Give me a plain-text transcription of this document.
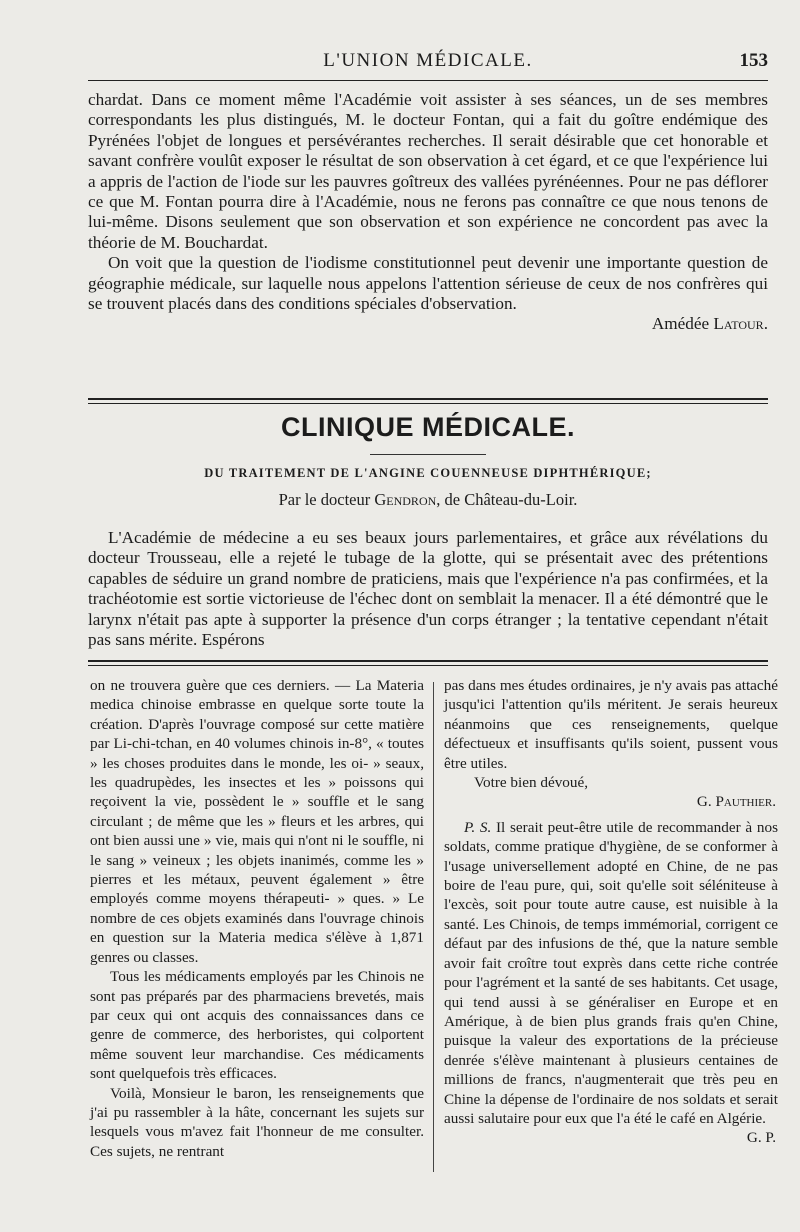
L'UNION MÉDICALE.	153

chardat. Dans ce moment même l'Académie voit assister à ses séances, un de ses membres correspondants les plus distingués, M. le docteur Fontan, qui a fait du goître endémique des Pyrénées l'objet de longues et persévérantes recherches. Il serait désirable que cet honorable et savant confrère voulût exposer le résultat de son observation à cet égard, et ce que l'expérience lui a appris de l'action de l'iode sur les pauvres goîtreux des vallées pyrénéennes. Pour ne pas déflorer ce que M. Fontan pourra dire à l'Académie, nous ne ferons pas connaître ce que nous tenons de lui-même. Disons seulement que son observation et son expérience ne concordent pas avec la théorie de M. Bouchardat.

On voit que la question de l'iodisme constitutionnel peut devenir une importante question de géographie médicale, sur laquelle nous appelons l'attention sérieuse de ceux de nos confrères qui se trouvent placés dans des conditions spéciales d'observation.

Amédée Latour.

CLINIQUE MÉDICALE.
DU TRAITEMENT DE L'ANGINE COUENNEUSE DIPHTHÉRIQUE;
Par le docteur Gendron, de Château-du-Loir.

L'Académie de médecine a eu ses beaux jours parlementaires, et grâce aux révélations du docteur Trousseau, elle a rejeté le tubage de la glotte, qui se présentait avec des prétentions capables de séduire un grand nombre de praticiens, mais que l'expérience n'a pas confirmées, et la trachéotomie est sortie victorieuse de l'échec dont on semblait la menacer. Il a été démontré que le larynx n'était pas apte à supporter la présence d'un corps étranger ; la tentative cependant n'était pas sans mérite. Espérons

on ne trouvera guère que ces derniers. — La Materia medica chinoise embrasse en quelque sorte toute la création. D'après l'ouvrage composé sur cette matière par Li-chi-tchan, en 40 volumes chinois in-8°, « toutes » les choses produites dans le monde, les oi- » seaux, les quadrupèdes, les insectes et les » poissons qui reçoivent la vie, possèdent le » souffle et le sang circulant ; de même que les » fleurs et les arbres, qui ont bien aussi une » vie, mais qui n'ont ni le souffle, ni le sang » veineux ; les objets inanimés, comme les » pierres et les métaux, peuvent également » être employés comme moyens thérapeuti- » ques. » Le nombre de ces objets examinés dans l'ouvrage chinois en question sur la Materia medica s'élève à 1,871 genres ou classes.

Tous les médicaments employés par les Chinois ne sont pas préparés par des pharmaciens brevetés, mais par ceux qui ont acquis des connaissances dans ce genre de commerce, des herboristes, qui colportent même souvent leur marchandise. Ces médicaments sont quelquefois très efficaces.

Voilà, Monsieur le baron, les renseignements que j'ai pu rassembler à la hâte, concernant les sujets sur lesquels vous m'avez fait l'honneur de me consulter. Ces sujets, ne rentrant

pas dans mes études ordinaires, je n'y avais pas attaché jusqu'ici l'attention qu'ils méritent. Je serais heureux néanmoins que ces renseignements, quelque défectueux et insuffisants qu'ils soient, pussent vous être utiles.

Votre bien dévoué,

G. Pauthier.

P. S. Il serait peut-être utile de recommander à nos soldats, comme pratique d'hygiène, de se conformer à l'usage universellement adopté en Chine, de ne pas boire de l'eau pure, qui, soit qu'elle soit séléniteuse à l'excès, soit pour toute autre cause, est nuisible à la santé. Les Chinois, de temps immémorial, corrigent ce défaut par des infusions de thé, que la nature semble avoir fait croître tout exprès dans cette riche contrée pour l'agrément et la santé de ses habitants. Cet usage, qui tend aussi à se généraliser en Europe et en Amérique, à de bien plus grands frais qu'en Chine, puisque la valeur des exportations de la précieuse denrée s'élève maintenant à plusieurs centaines de millions de francs, n'augmenterait que très peu en Chine la dépense de l'ordinaire de nos soldats et serait aussi salutaire pour eux que l'a été le café en Algérie.

G. P.
